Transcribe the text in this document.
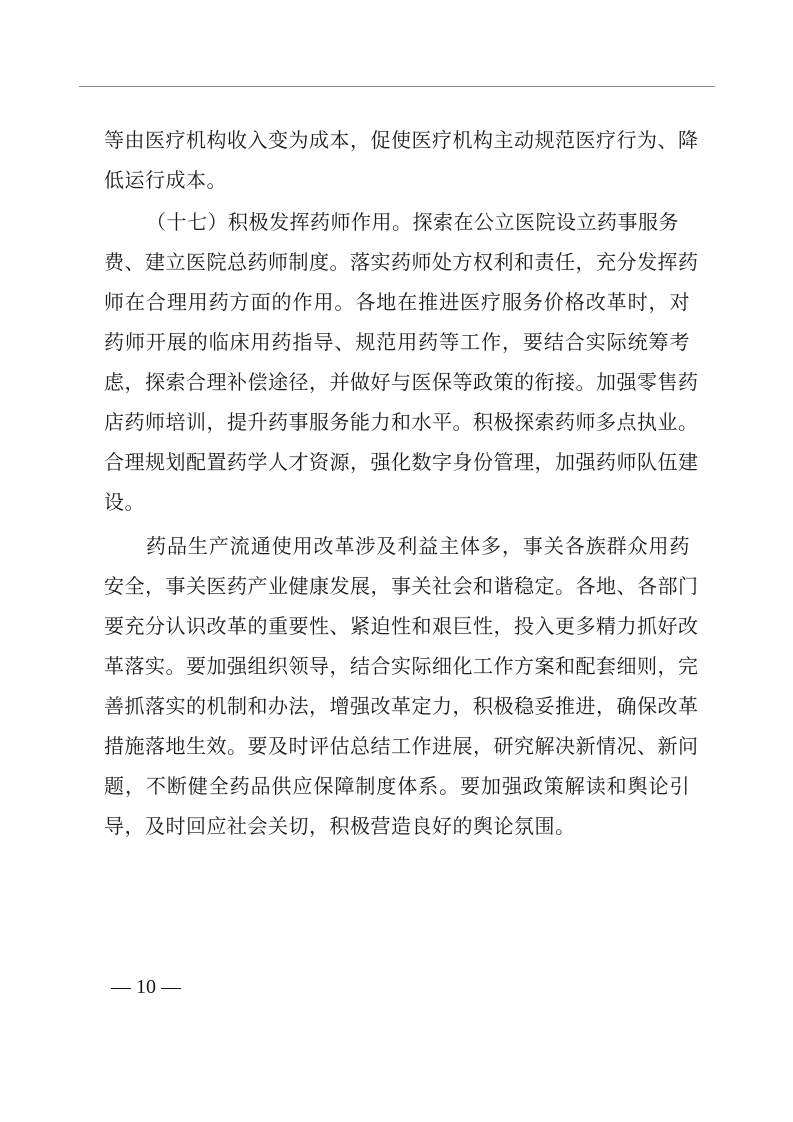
等由医疗机构收入变为成本，促使医疗机构主动规范医疗行为、降
低运行成本。
（十七）积极发挥药师作用。探索在公立医院设立药事服务
费、建立医院总药师制度。落实药师处方权利和责任，充分发挥药
师在合理用药方面的作用。各地在推进医疗服务价格改革时，对
药师开展的临床用药指导、规范用药等工作，要结合实际统筹考
虑，探索合理补偿途径，并做好与医保等政策的衔接。加强零售药
店药师培训，提升药事服务能力和水平。积极探索药师多点执业。
合理规划配置药学人才资源，强化数字身份管理，加强药师队伍建
设。
药品生产流通使用改革涉及利益主体多，事关各族群众用药
安全，事关医药产业健康发展，事关社会和谐稳定。各地、各部门
要充分认识改革的重要性、紧迫性和艰巨性，投入更多精力抓好改
革落实。要加强组织领导，结合实际细化工作方案和配套细则，完
善抓落实的机制和办法，增强改革定力，积极稳妥推进，确保改革
措施落地生效。要及时评估总结工作进展，研究解决新情况、新问
题，不断健全药品供应保障制度体系。要加强政策解读和舆论引
导，及时回应社会关切，积极营造良好的舆论氛围。
— 10 —
